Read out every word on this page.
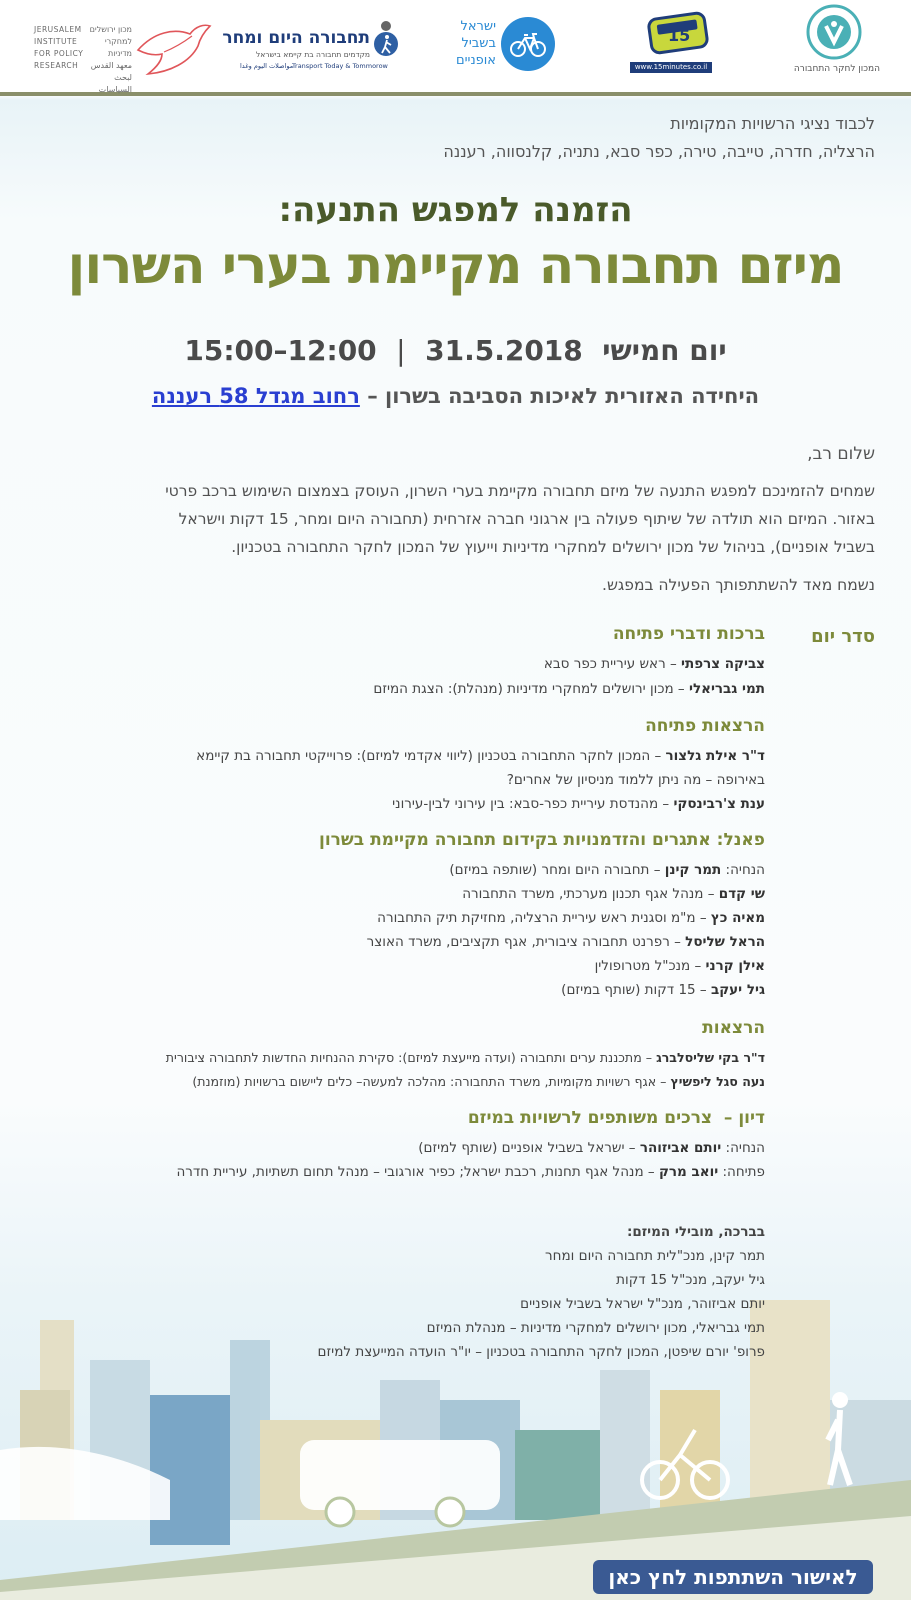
JERUSALEM
INSTITUTE
FOR POLICY
RESEARCH
מכון ירושלים
למחקרי מדיניות
معهد القدس
لبحث السياسات
תחבורה היום ומחר
מקדמים תחבורה בת קיימא בישראל
Transport Today & Tommorow
مواصلات اليوم وغدا
ישראל
בשביל
אופניים
15
www.15minutes.co.il	המכון לחקר התחבורה
לכבוד נציגי הרשויות המקומיות
הרצליה, חדרה, טייבה, טירה, כפר סבא, נתניה, קלנסווה, רעננה
הזמנה למפגש התנעה:
מיזם תחבורה מקיימת בערי השרון
יום חמישי  31.5.2018  |  12:00–15:00
היחידה האזורית לאיכות הסביבה בשרון – רחוב מגדל 58 רעננה
שלום רב,
שמחים להזמינכם למפגש התנעה של מיזם תחבורה מקיימת בערי השרון, העוסק בצמצום השימוש ברכב פרטי
באזור. המיזם הוא תולדה של שיתוף פעולה בין ארגוני חברה אזרחית (תחבורה היום ומחר, 15 דקות וישראל
בשביל אופניים), בניהול של מכון ירושלים למחקרי מדיניות וייעוץ של המכון לחקר התחבורה בטכניון.
נשמח מאד להשתתפותך הפעילה במפגש.
סדר יום
ברכות ודברי פתיחה
צביקה צרפתי – ראש עיריית כפר סבא
תמי גבריאלי – מכון ירושלים למחקרי מדיניות (מנהלת): הצגת המיזם
הרצאות פתיחה
ד"ר אילת גלצור – המכון לחקר התחבורה בטכניון (ליווי אקדמי למיזם): פרוייקטי תחבורה בת קיימא
באירופה – מה ניתן ללמוד מניסיון של אחרים?
ענת צ'רבינסקי – מהנדסת עיריית כפר-סבא: בין עירוני לבין-עירוני
פאנל: אתגרים והזדמנויות בקידום תחבורה מקיימת בשרון
הנחיה: תמר קינן – תחבורה היום ומחר (שותפה במיזם)
שי קדם – מנהל אגף תכנון מערכתי, משרד התחבורה
מאיה כץ – מ"מ וסגנית ראש עיריית הרצליה, מחזיקת תיק התחבורה
הראל שליסל – רפרנט תחבורה ציבורית, אגף תקציבים, משרד האוצר
אילן קרני – מנכ"ל מטרופולין
גיל יעקב – 15 דקות (שותף במיזם)
הרצאות
ד"ר בקי שליסלברג – מתכננת ערים ותחבורה (ועדה מייעצת למיזם): סקירת ההנחיות החדשות לתחבורה ציבורית
נעה סגל ליפשיץ – אגף רשויות מקומיות, משרד התחבורה: מהלכה למעשה– כלים ליישום ברשויות (מוזמנת)
דיון –  צרכים משותפים לרשויות במיזם
הנחיה: יותם אביזוהר – ישראל בשביל אופניים (שותף למיזם)
פתיחה: יואב מרק – מנהל אגף תחנות, רכבת ישראל; כפיר אורגובי – מנהל תחום תשתיות, עיריית חדרה
בברכה, מובילי המיזם:
תמר קינן, מנכ"לית תחבורה היום ומחר
גיל יעקב, מנכ"ל 15 דקות
יותם אביזוהר, מנכ"ל ישראל בשביל אופניים
תמי גבריאלי, מכון ירושלים למחקרי מדיניות – מנהלת המיזם
פרופ' יורם שיפטן, המכון לחקר התחבורה בטכניון – יו"ר הועדה המייעצת למיזם
לאישור השתתפות לחץ כאן
